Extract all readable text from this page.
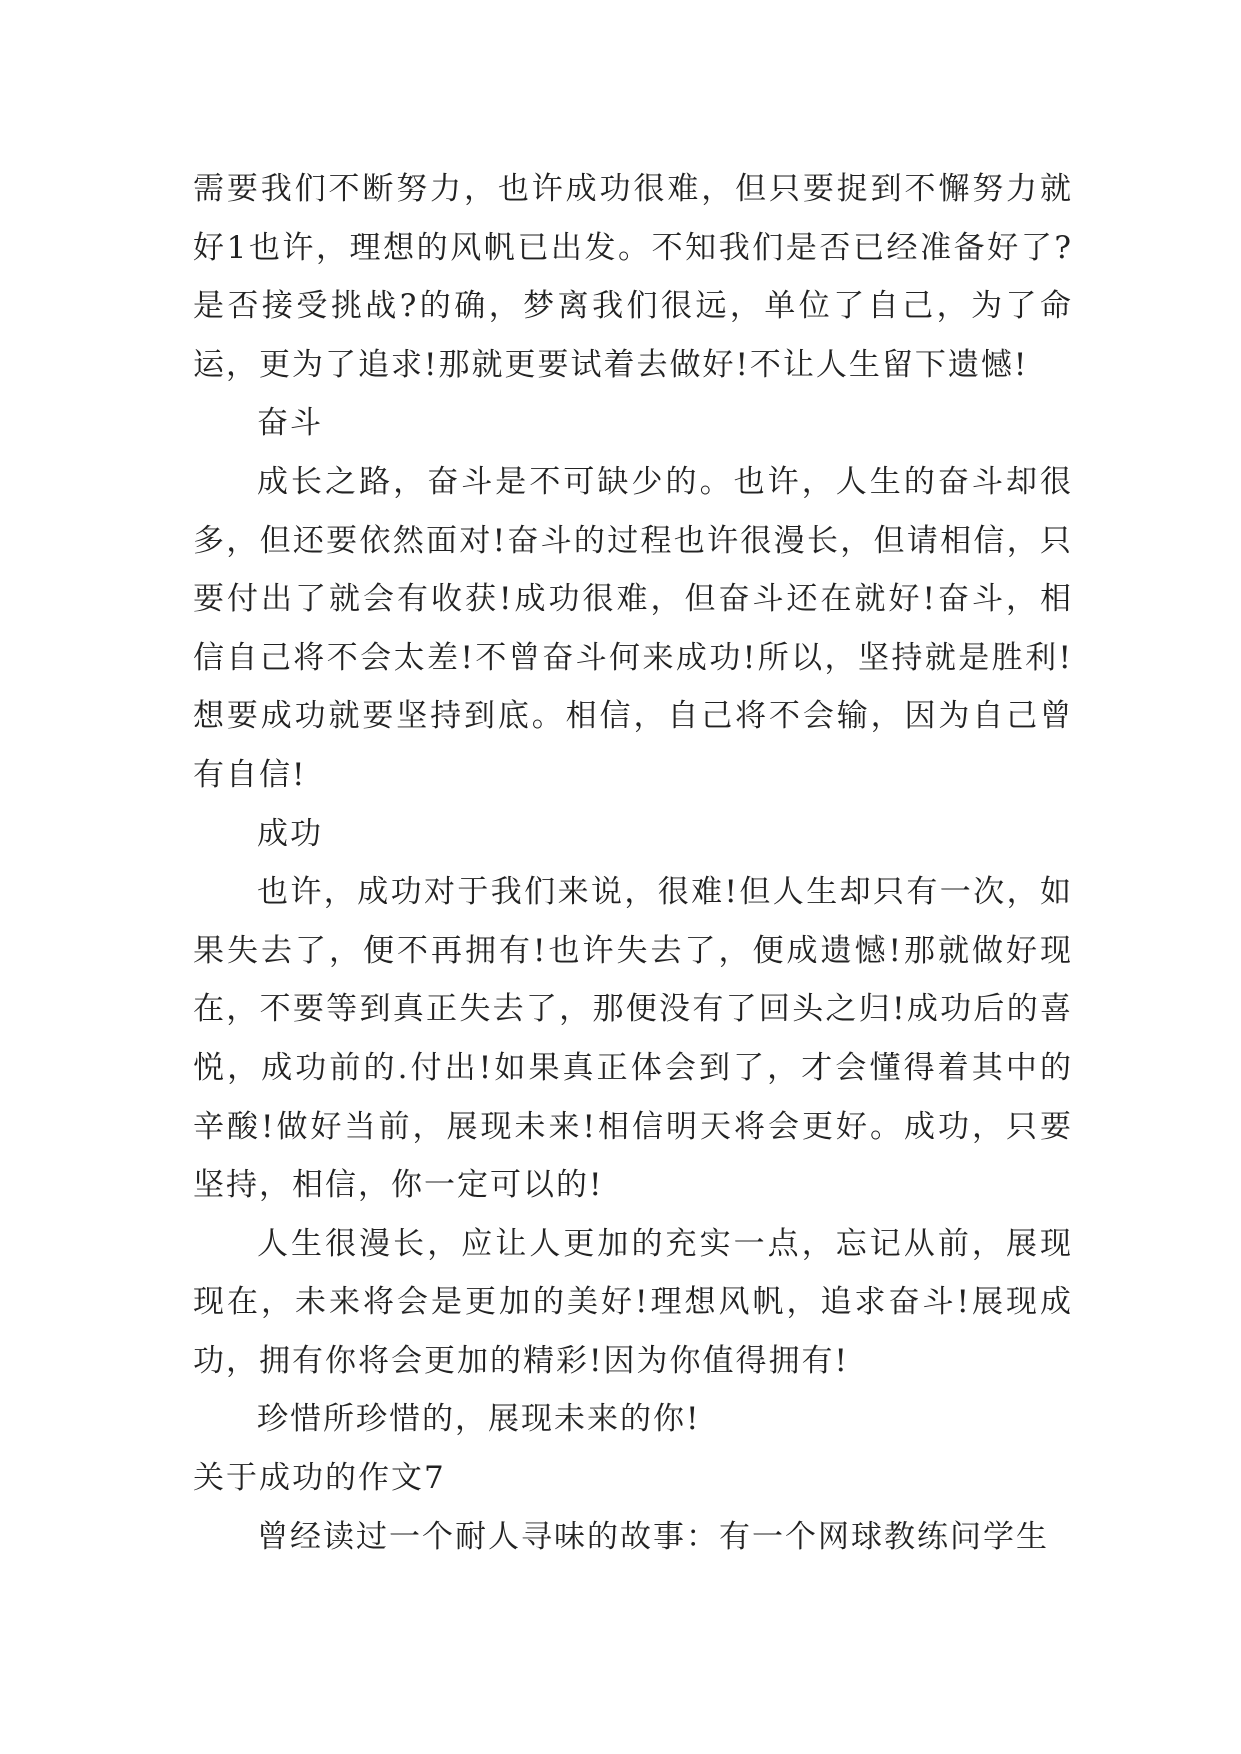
需要我们不断努力，也许成功很难，但只要捉到不懈努力就好1也许，理想的风帆已出发。不知我们是否已经准备好了?是否接受挑战?的确，梦离我们很远，单位了自己，为了命运，更为了追求!那就更要试着去做好!不让人生留下遗憾!

奋斗

成长之路，奋斗是不可缺少的。也许，人生的奋斗却很多，但还要依然面对!奋斗的过程也许很漫长，但请相信，只要付出了就会有收获!成功很难，但奋斗还在就好!奋斗，相信自己将不会太差!不曾奋斗何来成功!所以，坚持就是胜利!想要成功就要坚持到底。相信，自己将不会输，因为自己曾有自信!

成功

也许，成功对于我们来说，很难!但人生却只有一次，如果失去了，便不再拥有!也许失去了，便成遗憾!那就做好现在，不要等到真正失去了，那便没有了回头之归!成功后的喜悦，成功前的.付出!如果真正体会到了，才会懂得着其中的辛酸!做好当前，展现未来!相信明天将会更好。成功，只要坚持，相信，你一定可以的!

人生很漫长，应让人更加的充实一点，忘记从前，展现现在，未来将会是更加的美好!理想风帆，追求奋斗!展现成功，拥有你将会更加的精彩!因为你值得拥有!

珍惜所珍惜的，展现未来的你!

关于成功的作文7

曾经读过一个耐人寻味的故事：有一个网球教练问学生
